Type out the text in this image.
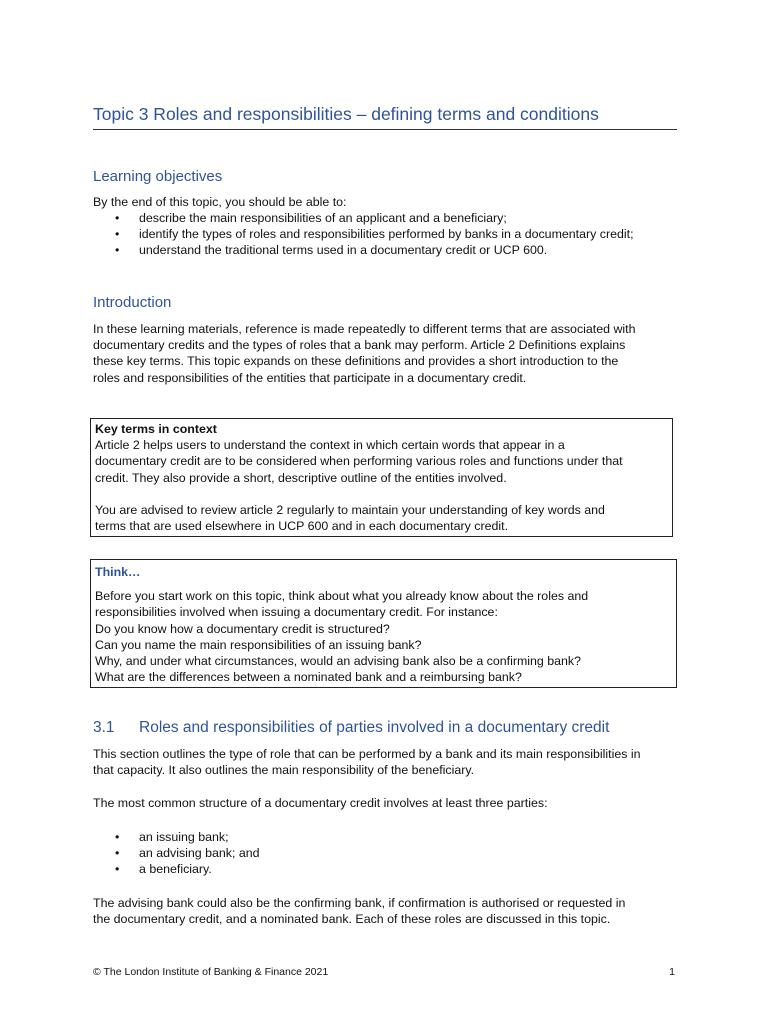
Topic 3 Roles and responsibilities – defining terms and conditions
Learning objectives

By the end of this topic, you should be able to:

• describe the main responsibilities of an applicant and a beneficiary;
• identify the types of roles and responsibilities performed by banks in a documentary credit;
• understand the traditional terms used in a documentary credit or UCP 600.
Introduction
In these learning materials, reference is made repeatedly to different terms that are associated with
documentary credits and the types of roles that a bank may perform. Article 2 Definitions explains
these key terms. This topic expands on these definitions and provides a short introduction to the
roles and responsibilities of the entities that participate in a documentary credit.
Key terms in context
Article 2 helps users to understand the context in which certain words that appear in a
documentary credit are to be considered when performing various roles and functions under that
credit. They also provide a short, descriptive outline of the entities involved.
You are advised to review article 2 regularly to maintain your understanding of key words and
terms that are used elsewhere in UCP 600 and in each documentary credit.
Think…
Before you start work on this topic, think about what you already know about the roles and
responsibilities involved when issuing a documentary credit. For instance:
Do you know how a documentary credit is structured?
Can you name the main responsibilities of an issuing bank?
Why, and under what circumstances, would an advising bank also be a confirming bank?
What are the differences between a nominated bank and a reimbursing bank?
3.1 Roles and responsibilities of parties involved in a documentary credit
This section outlines the type of role that can be performed by a bank and its main responsibilities in
that capacity. It also outlines the main responsibility of the beneficiary.

The most common structure of a documentary credit involves at least three parties:

• an issuing bank;
• an advising bank; and
• a beneficiary.
The advising bank could also be the confirming bank, if confirmation is authorised or requested in
the documentary credit, and a nominated bank. Each of these roles are discussed in this topic.
© The London Institute of Banking & Finance 2021	1
